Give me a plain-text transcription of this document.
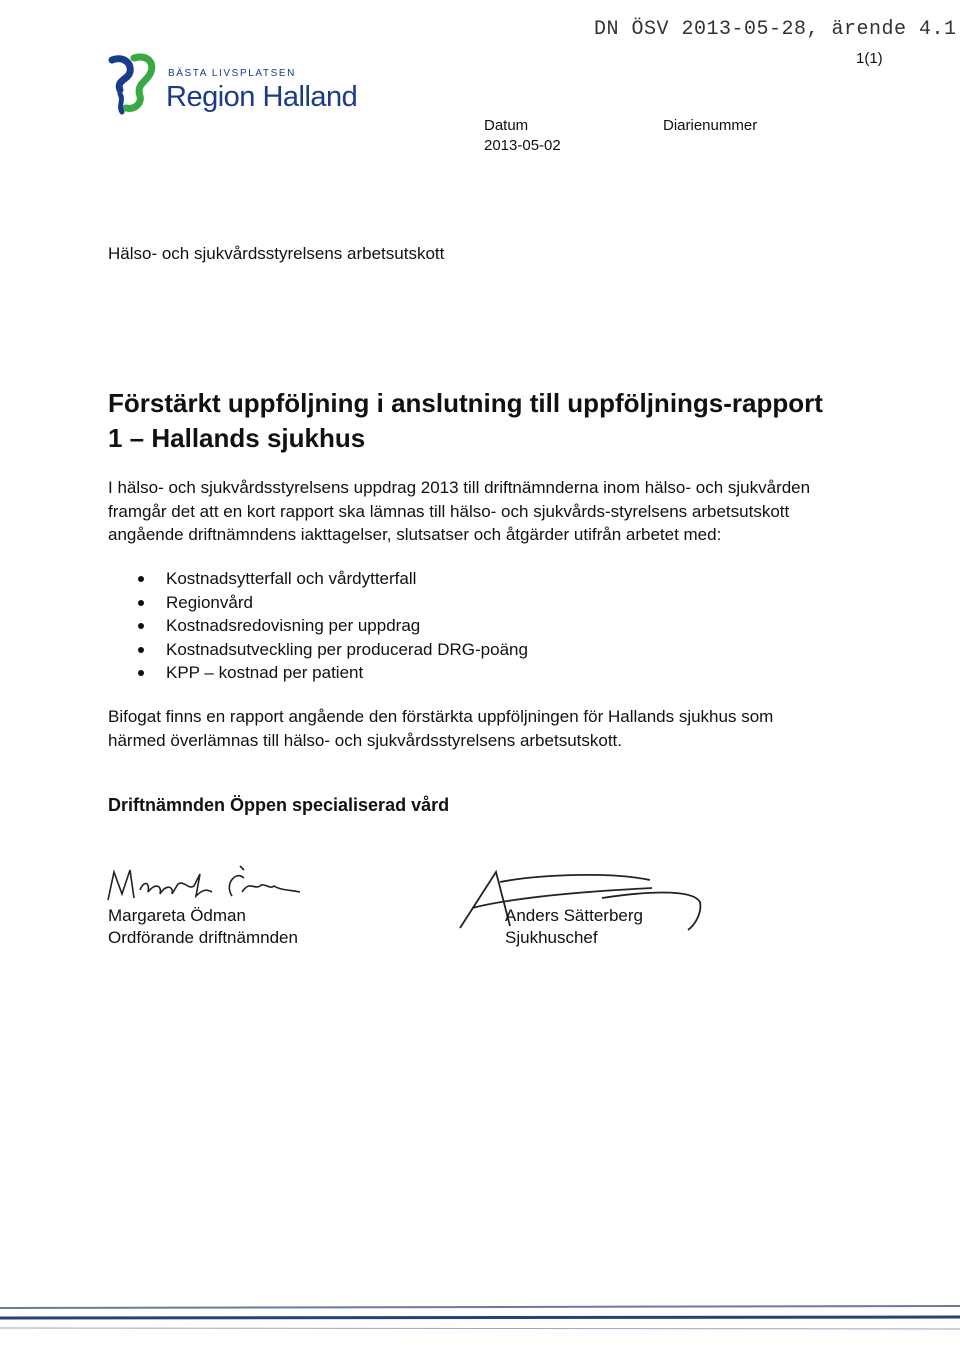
DN ÖSV 2013-05-28, ärende 4.1
1(1)
BÄSTA LIVSPLATSEN
Region Halland
Datum
2013-05-02
Diarienummer
Hälso- och sjukvårdsstyrelsens arbetsutskott
Förstärkt uppföljning i anslutning till uppföljnings-rapport 1 – Hallands sjukhus
I hälso- och sjukvårdsstyrelsens uppdrag 2013 till driftnämnderna inom hälso- och sjukvården framgår det att en kort rapport ska lämnas till hälso- och sjukvårds-styrelsens arbetsutskott angående driftnämndens iakttagelser, slutsatser och åtgärder utifrån arbetet med:
Kostnadsytterfall och vårdytterfall
Regionvård
Kostnadsredovisning per uppdrag
Kostnadsutveckling per producerad DRG-poäng
KPP – kostnad per patient
Bifogat finns en rapport angående den förstärkta uppföljningen för Hallands sjukhus som härmed överlämnas till hälso- och sjukvårdsstyrelsens arbetsutskott.
Driftnämnden Öppen specialiserad vård
Margareta Ödman
Ordförande driftnämnden
Anders Sätterberg
Sjukhuschef
